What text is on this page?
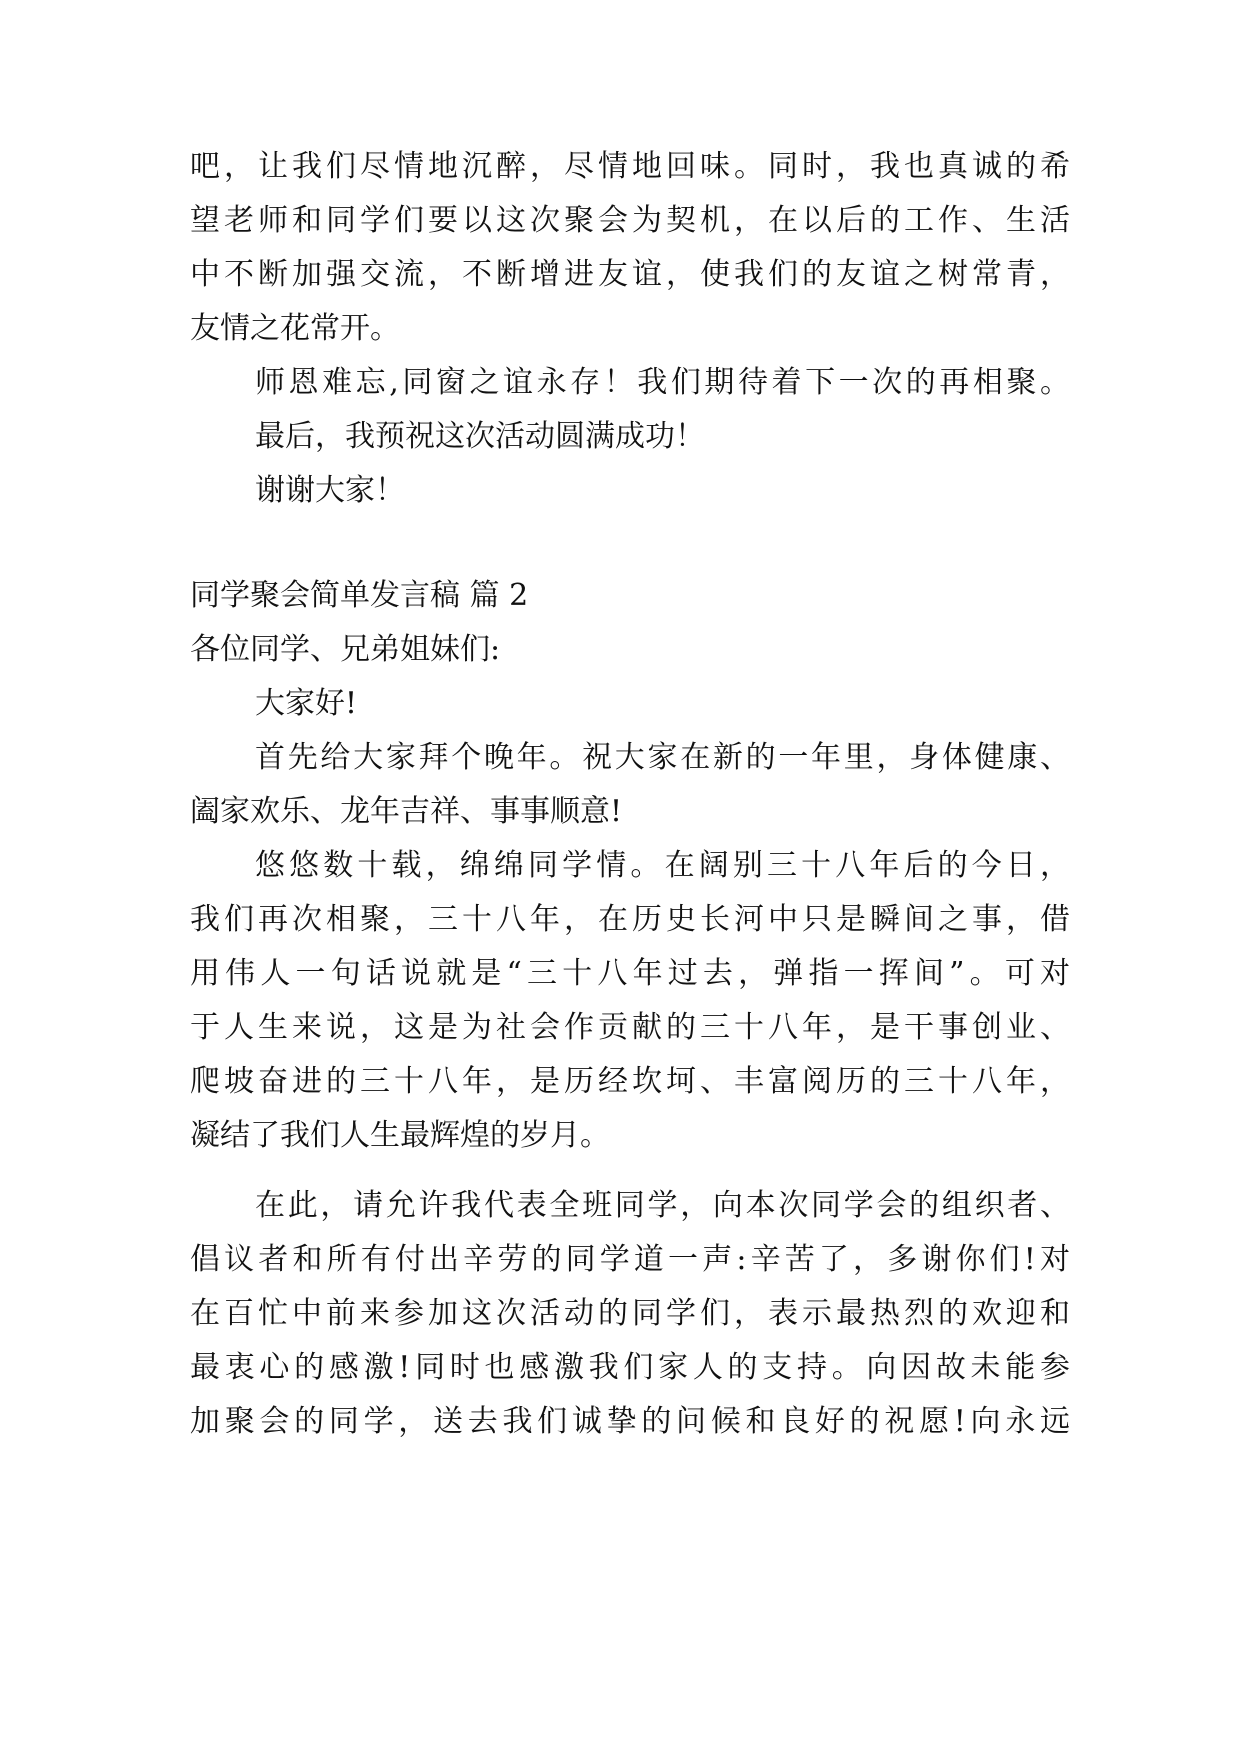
吧，让我们尽情地沉醉，尽情地回味。同时，我也真诚的希
望老师和同学们要以这次聚会为契机，在以后的工作、生活
中不断加强交流，不断增进友谊，使我们的友谊之树常青，
友情之花常开。
师恩难忘,同窗之谊永存！我们期待着下一次的再相聚。
最后，我预祝这次活动圆满成功！
谢谢大家！
同学聚会简单发言稿 篇 2
各位同学、兄弟姐妹们:
大家好!
首先给大家拜个晚年。祝大家在新的一年里，身体健康、
阖家欢乐、龙年吉祥、事事顺意!
悠悠数十载，绵绵同学情。在阔别三十八年后的今日，
我们再次相聚，三十八年，在历史长河中只是瞬间之事，借
用伟人一句话说就是“三十八年过去，弹指一挥间”。可对
于人生来说，这是为社会作贡献的三十八年，是干事创业、
爬坡奋进的三十八年，是历经坎坷、丰富阅历的三十八年，
凝结了我们人生最辉煌的岁月。
在此，请允许我代表全班同学，向本次同学会的组织者、
倡议者和所有付出辛劳的同学道一声:辛苦了，多谢你们!对
在百忙中前来参加这次活动的同学们，表示最热烈的欢迎和
最衷心的感激!同时也感激我们家人的支持。向因故未能参
加聚会的同学，送去我们诚挚的问候和良好的祝愿!向永远
